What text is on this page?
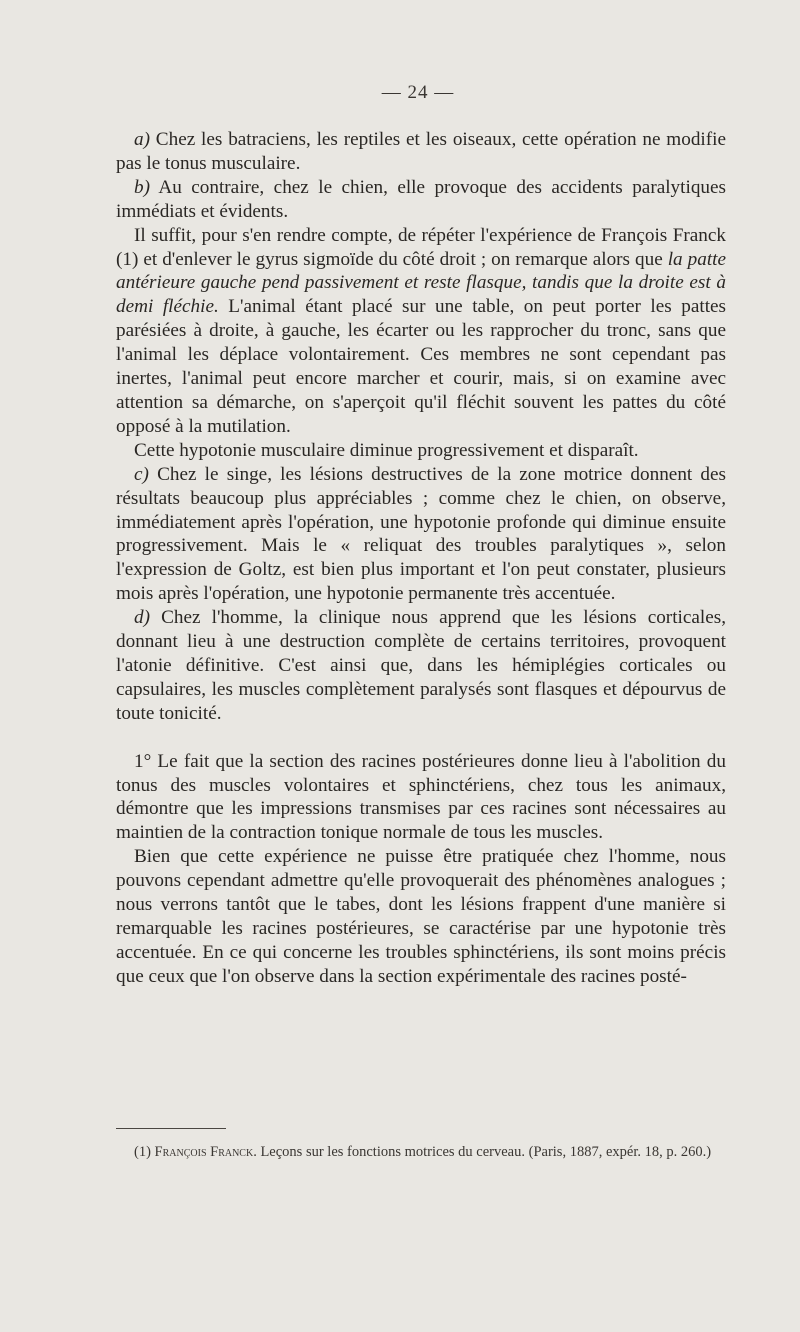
— 24 —

a) Chez les batraciens, les reptiles et les oiseaux, cette opération ne modifie pas le tonus musculaire.

b) Au contraire, chez le chien, elle provoque des accidents paralytiques immédiats et évidents.

Il suffit, pour s'en rendre compte, de répéter l'expérience de François Franck (1) et d'enlever le gyrus sigmoïde du côté droit ; on remarque alors que la patte antérieure gauche pend passivement et reste flasque, tandis que la droite est à demi fléchie. L'animal étant placé sur une table, on peut porter les pattes parésiées à droite, à gauche, les écarter ou les rapprocher du tronc, sans que l'animal les déplace volontairement. Ces membres ne sont cependant pas inertes, l'animal peut encore marcher et courir, mais, si on examine avec attention sa démarche, on s'aperçoit qu'il fléchit souvent les pattes du côté opposé à la mutilation.

Cette hypotonie musculaire diminue progressivement et disparaît.

c) Chez le singe, les lésions destructives de la zone motrice donnent des résultats beaucoup plus appréciables ; comme chez le chien, on observe, immédiatement après l'opération, une hypotonie profonde qui diminue ensuite progressivement. Mais le « reliquat des troubles paralytiques », selon l'expression de Goltz, est bien plus important et l'on peut constater, plusieurs mois après l'opération, une hypotonie permanente très accentuée.

d) Chez l'homme, la clinique nous apprend que les lésions corticales, donnant lieu à une destruction complète de certains territoires, provoquent l'atonie définitive. C'est ainsi que, dans les hémiplégies corticales ou capsulaires, les muscles complètement paralysés sont flasques et dépourvus de toute tonicité.

1° Le fait que la section des racines postérieures donne lieu à l'abolition du tonus des muscles volontaires et sphinctériens, chez tous les animaux, démontre que les impressions transmises par ces racines sont nécessaires au maintien de la contraction tonique normale de tous les muscles.

Bien que cette expérience ne puisse être pratiquée chez l'homme, nous pouvons cependant admettre qu'elle provoquerait des phénomènes analogues ; nous verrons tantôt que le tabes, dont les lésions frappent d'une manière si remarquable les racines postérieures, se caractérise par une hypotonie très accentuée. En ce qui concerne les troubles sphinctériens, ils sont moins précis que ceux que l'on observe dans la section expérimentale des racines posté-

(1) François Franck. Leçons sur les fonctions motrices du cerveau. (Paris, 1887, expér. 18, p. 260.)
